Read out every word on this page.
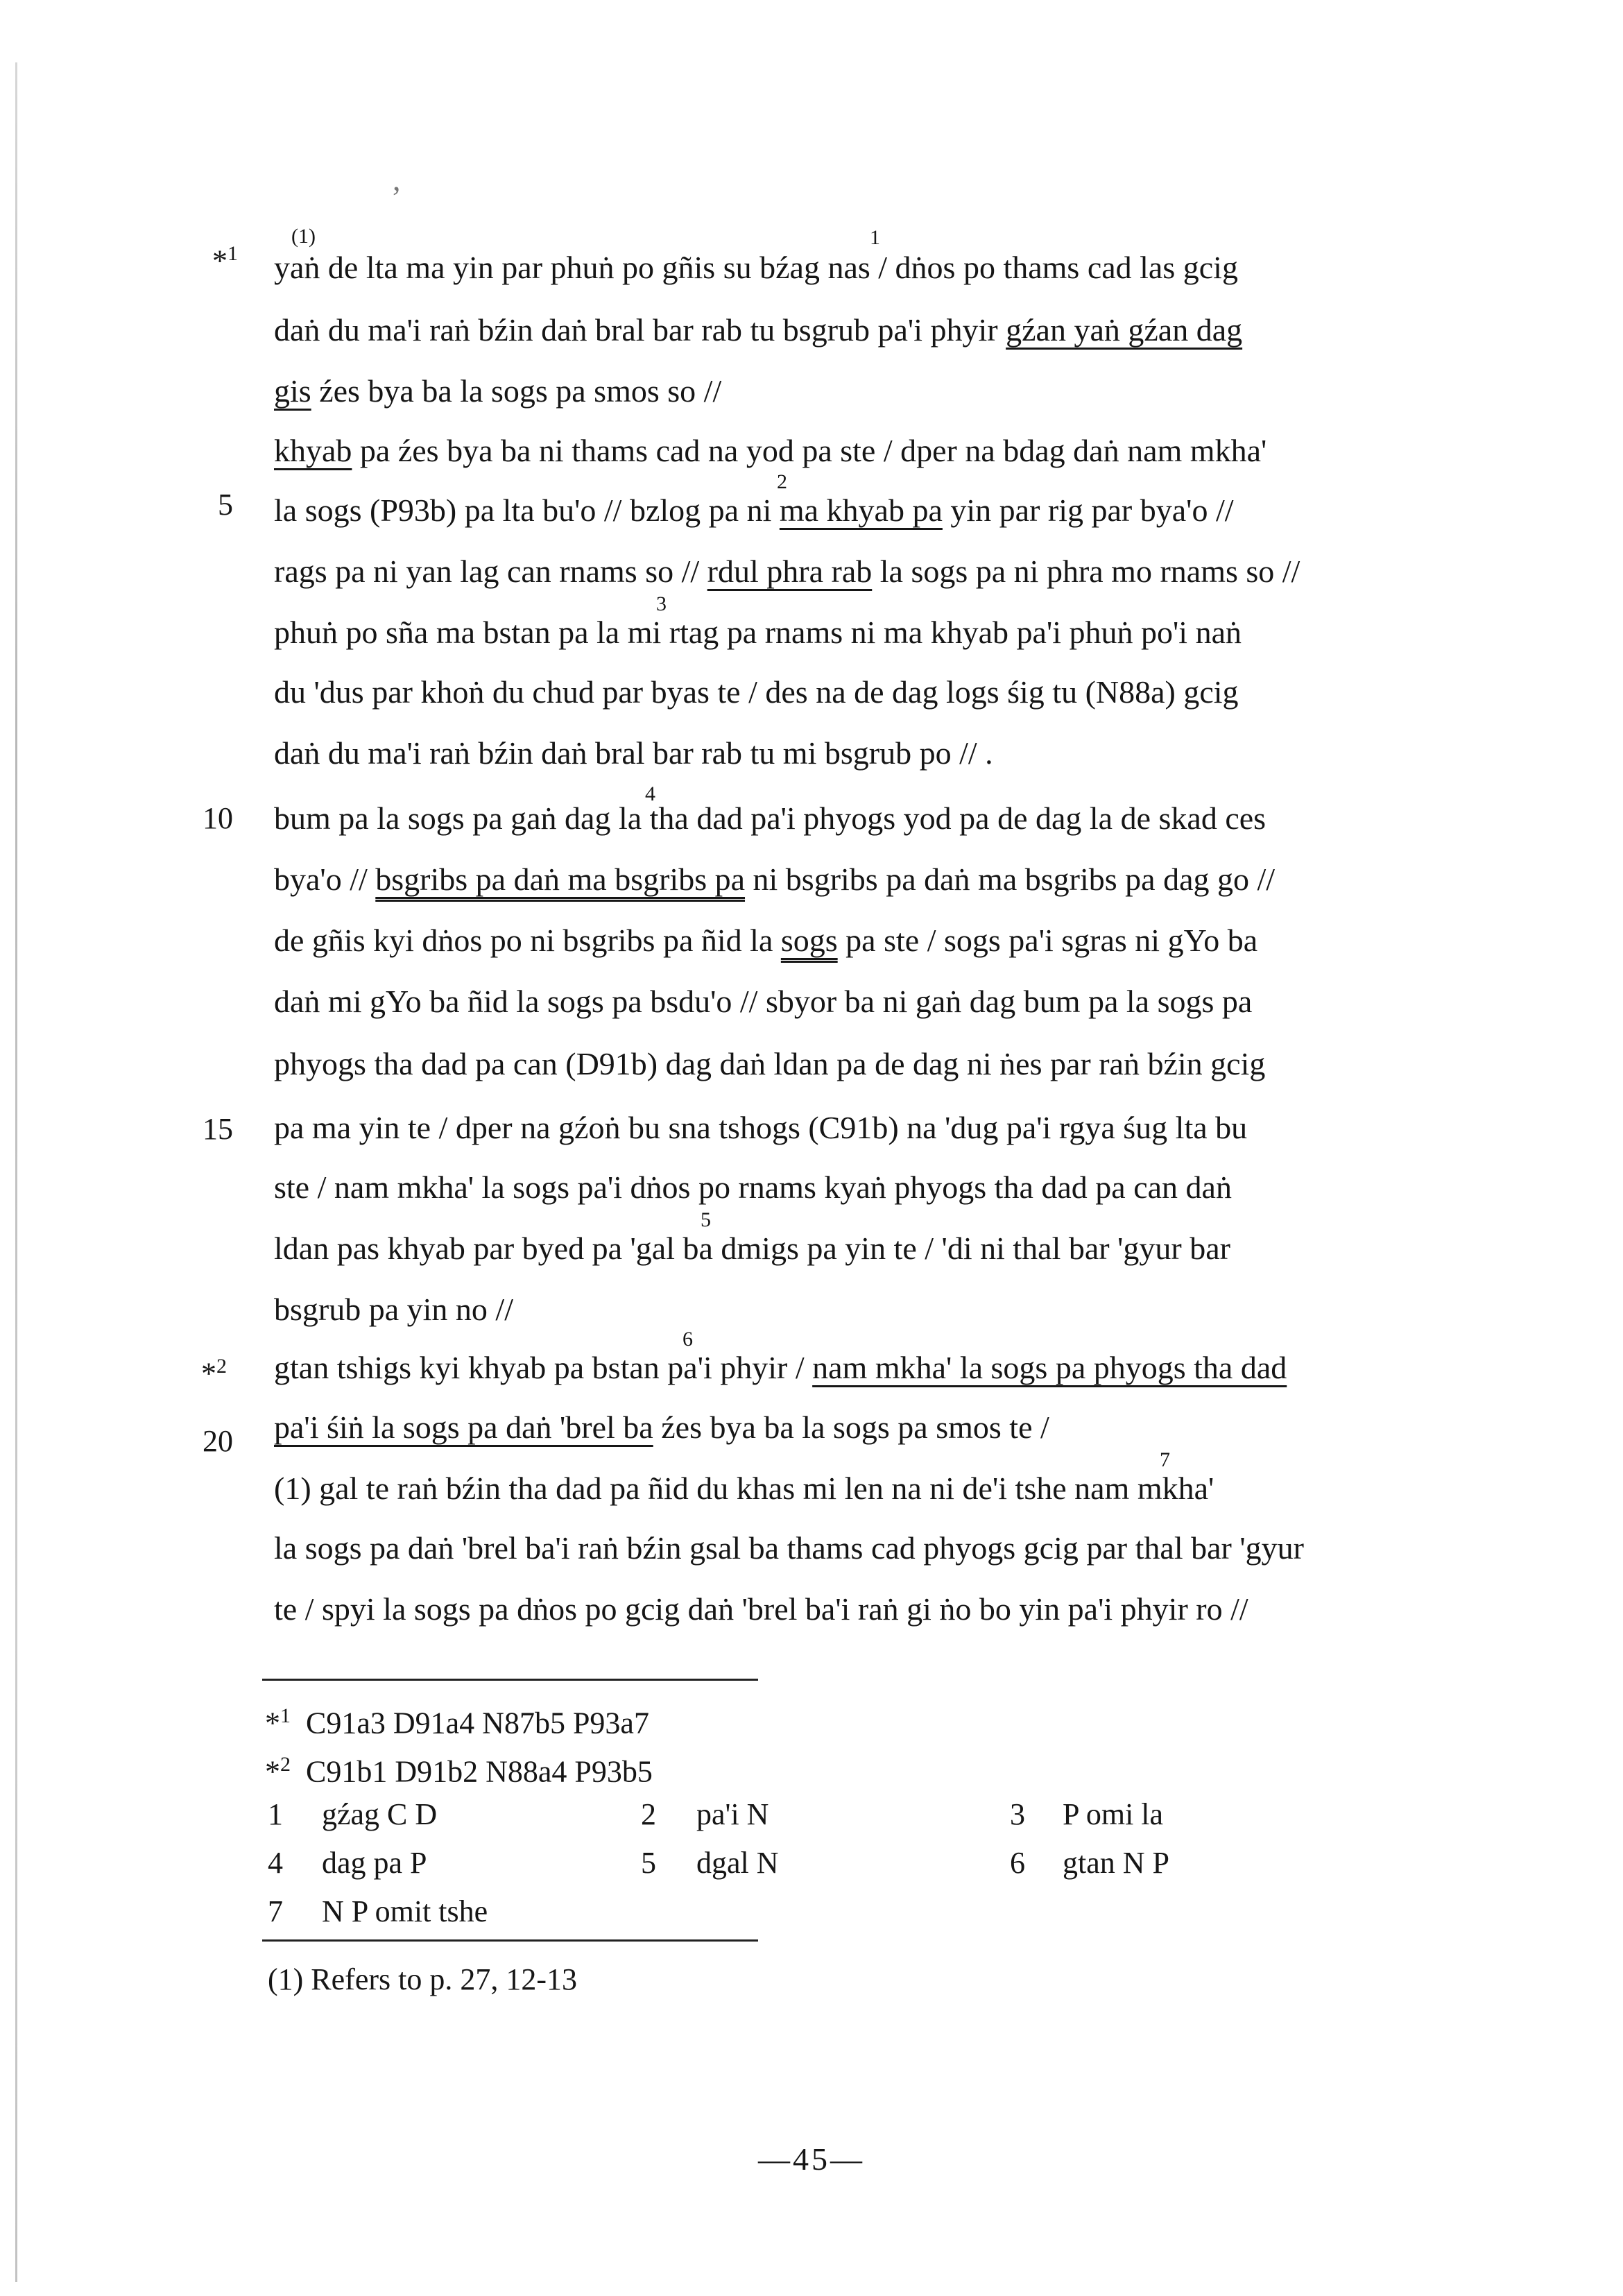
,
*$^1$
*$^2$
5
10
15
20
(1)	1
yaṅ de lta ma yin par phuṅ po gñis su bźag nas / dṅos po thams cad las gcig
daṅ du ma'i raṅ bźin daṅ bral bar rab tu bsgrub pa'i phyir gźan yaṅ gźan dag
gis źes bya ba la sogs pa smos so //
khyab pa źes bya ba ni thams cad na yod pa ste / dper na bdag daṅ nam mkha'
2
la sogs (P93b) pa lta bu'o // bzlog pa ni ma khyab pa yin par rig par bya'o //
rags pa ni yan lag can rnams so // rdul phra rab la sogs pa ni phra mo rnams so //
3
phuṅ po sña ma bstan pa la mi rtag pa rnams ni ma khyab pa'i phuṅ po'i naṅ
du 'dus par khoṅ du chud par byas te / des na de dag logs śig tu (N88a) gcig
daṅ du ma'i raṅ bźin daṅ bral bar rab tu mi bsgrub po // .
4
bum pa la sogs pa gaṅ dag la tha dad pa'i phyogs yod pa de dag la de skad ces
bya'o // bsgribs pa daṅ ma bsgribs pa ni bsgribs pa daṅ ma bsgribs pa dag go //
de gñis kyi dṅos po ni bsgribs pa ñid la sogs pa ste / sogs pa'i sgras ni gYo ba
daṅ mi gYo ba ñid la sogs pa bsdu'o // sbyor ba ni gaṅ dag bum pa la sogs pa
phyogs tha dad pa can (D91b) dag daṅ ldan pa de dag ni ṅes par raṅ bźin gcig
pa ma yin te / dper na gźoṅ bu sna tshogs (C91b) na 'dug pa'i rgya śug lta bu
ste / nam mkha' la sogs pa'i dṅos po rnams kyaṅ phyogs tha dad pa can daṅ
5
ldan pas khyab par byed pa 'gal ba dmigs pa yin te / 'di ni thal bar 'gyur bar
bsgrub pa yin no //
6
gtan tshigs kyi khyab pa bstan pa'i phyir / nam mkha' la sogs pa phyogs tha dad
pa'i śiṅ la sogs pa daṅ 'brel ba źes bya ba la sogs pa smos te /
7
(1) gal te raṅ bźin tha dad pa ñid du khas mi len na ni de'i tshe nam mkha'
la sogs pa daṅ 'brel ba'i raṅ bźin gsal ba thams cad phyogs gcig par thal bar 'gyur
te / spyi la sogs pa dṅos po gcig daṅ 'brel ba'i raṅ gi ṅo bo yin pa'i phyir ro //
*$^1$ C91a3 D91a4 N87b5 P93a7
*$^2$ C91b1 D91b2 N88a4 P93b5
1 gźag C D	2 pa'i N	3 P omi la
4 dag pa P	5 dgal N	6 gtan N P
7 N P omit tshe
(1) Refers to p. 27, 12-13
—45—
